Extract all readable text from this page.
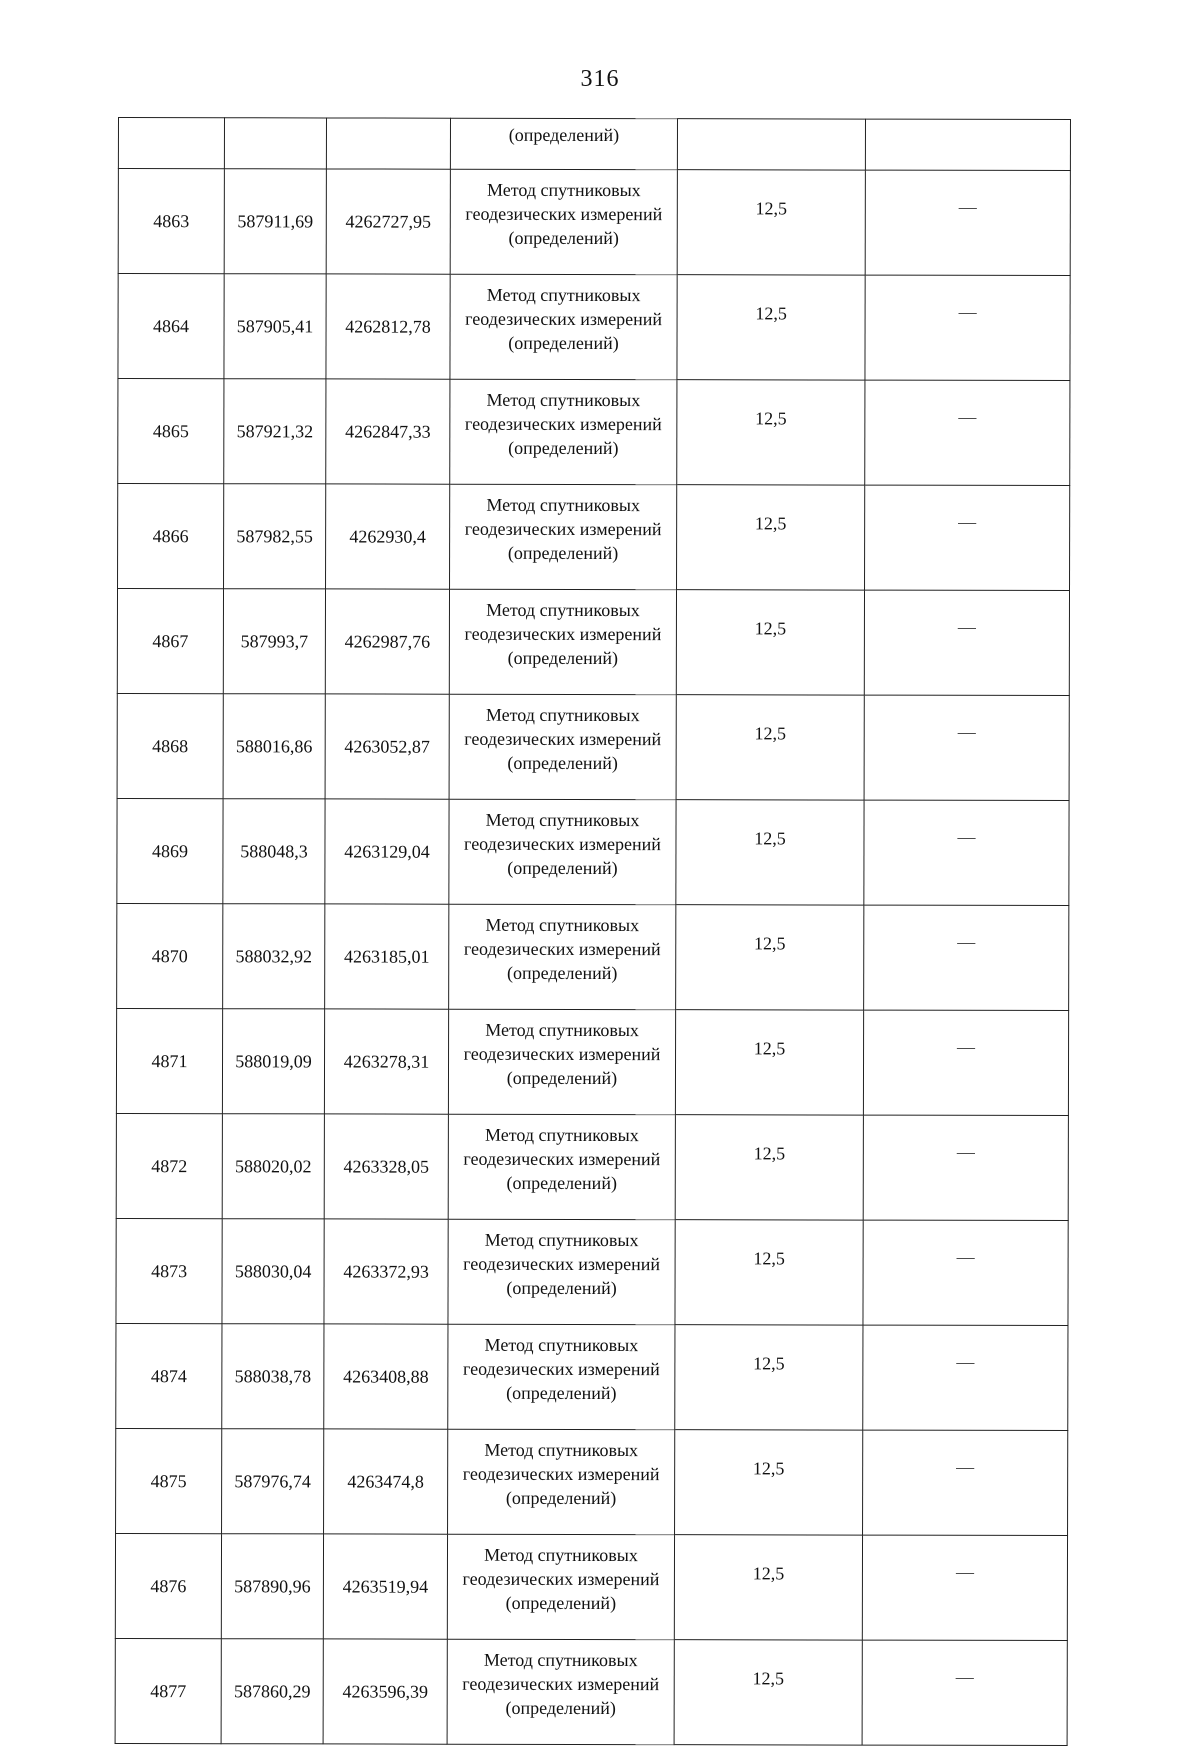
316
			(определений)		
4863	587911,69	4262727,95	Метод спутниковых
геодезических измерений
(определений)	12,5	—
4864	587905,41	4262812,78	Метод спутниковых
геодезических измерений
(определений)	12,5	—
4865	587921,32	4262847,33	Метод спутниковых
геодезических измерений
(определений)	12,5	—
4866	587982,55	4262930,4	Метод спутниковых
геодезических измерений
(определений)	12,5	—
4867	587993,7	4262987,76	Метод спутниковых
геодезических измерений
(определений)	12,5	—
4868	588016,86	4263052,87	Метод спутниковых
геодезических измерений
(определений)	12,5	—
4869	588048,3	4263129,04	Метод спутниковых
геодезических измерений
(определений)	12,5	—
4870	588032,92	4263185,01	Метод спутниковых
геодезических измерений
(определений)	12,5	—
4871	588019,09	4263278,31	Метод спутниковых
геодезических измерений
(определений)	12,5	—
4872	588020,02	4263328,05	Метод спутниковых
геодезических измерений
(определений)	12,5	—
4873	588030,04	4263372,93	Метод спутниковых
геодезических измерений
(определений)	12,5	—
4874	588038,78	4263408,88	Метод спутниковых
геодезических измерений
(определений)	12,5	—
4875	587976,74	4263474,8	Метод спутниковых
геодезических измерений
(определений)	12,5	—
4876	587890,96	4263519,94	Метод спутниковых
геодезических измерений
(определений)	12,5	—
4877	587860,29	4263596,39	Метод спутниковых
геодезических измерений
(определений)	12,5	—
